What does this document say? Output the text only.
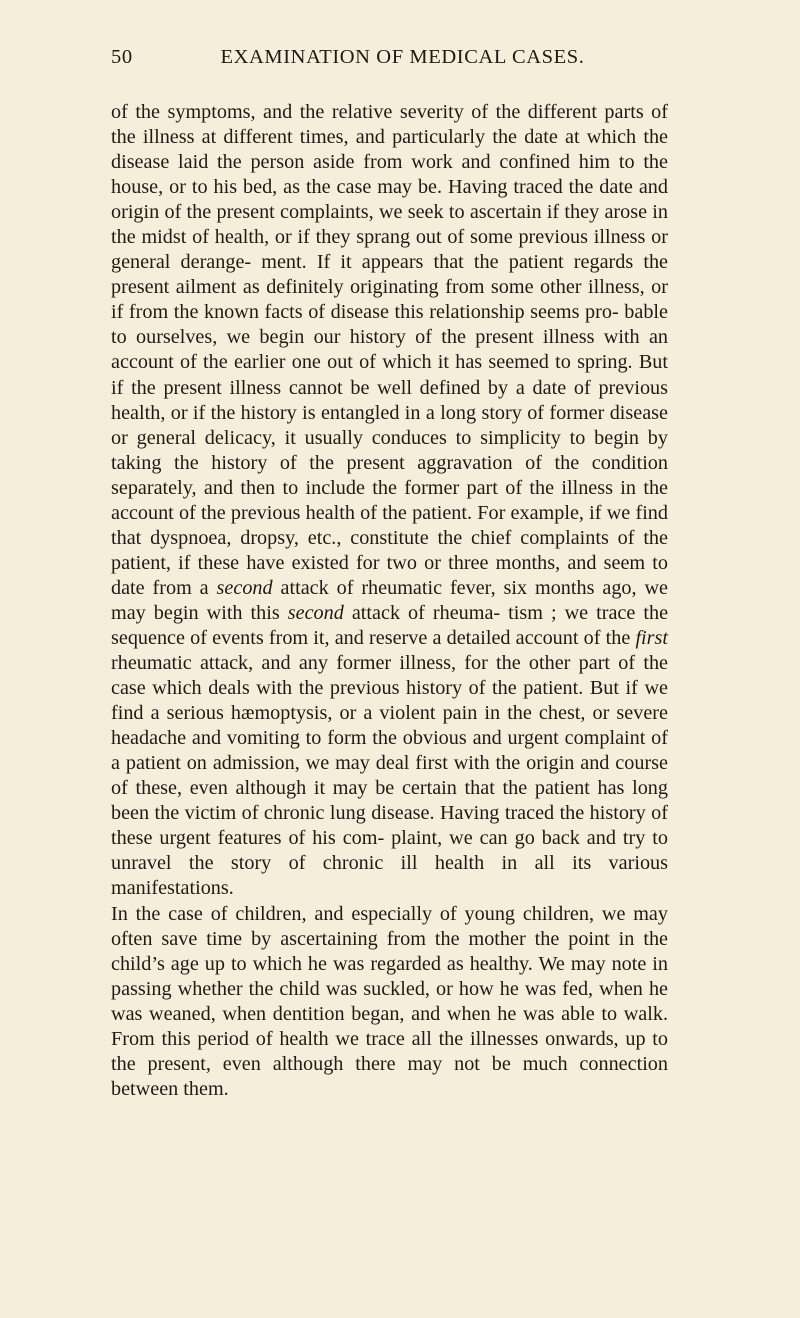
50	EXAMINATION OF MEDICAL CASES.

of the symptoms, and the relative severity of the different parts of the illness at different times, and particularly the date at which the disease laid the person aside from work and confined him to the house, or to his bed, as the case may be. Having traced the date and origin of the present complaints, we seek to ascertain if they arose in the midst of health, or if they sprang out of some previous illness or general derange- ment. If it appears that the patient regards the present ailment as definitely originating from some other illness, or if from the known facts of disease this relationship seems pro- bable to ourselves, we begin our history of the present illness with an account of the earlier one out of which it has seemed to spring. But if the present illness cannot be well defined by a date of previous health, or if the history is entangled in a long story of former disease or general delicacy, it usually conduces to simplicity to begin by taking the history of the present aggravation of the condition separately, and then to include the former part of the illness in the account of the previous health of the patient. For example, if we find that dyspnoea, dropsy, etc., constitute the chief complaints of the patient, if these have existed for two or three months, and seem to date from a second attack of rheumatic fever, six months ago, we may begin with this second attack of rheuma- tism ; we trace the sequence of events from it, and reserve a detailed account of the first rheumatic attack, and any former illness, for the other part of the case which deals with the previous history of the patient. But if we find a serious hæmoptysis, or a violent pain in the chest, or severe headache and vomiting to form the obvious and urgent complaint of a patient on admission, we may deal first with the origin and course of these, even although it may be certain that the patient has long been the victim of chronic lung disease. Having traced the history of these urgent features of his com- plaint, we can go back and try to unravel the story of chronic ill health in all its various manifestations.

In the case of children, and especially of young children, we may often save time by ascertaining from the mother the point in the child’s age up to which he was regarded as healthy. We may note in passing whether the child was suckled, or how he was fed, when he was weaned, when dentition began, and when he was able to walk. From this period of health we trace all the illnesses onwards, up to the present, even although there may not be much connection between them.
